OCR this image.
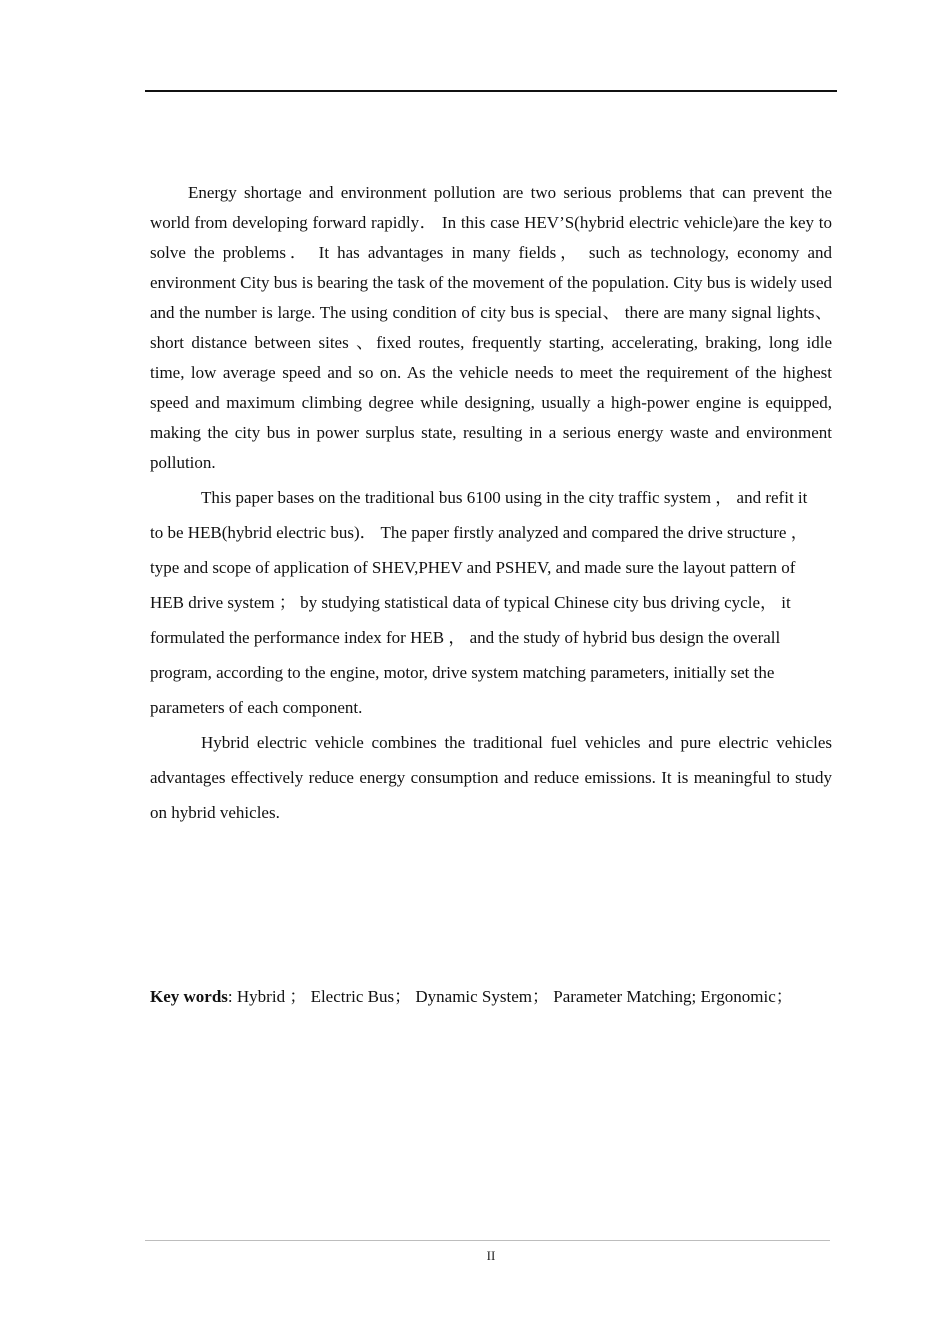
Energy shortage and environment pollution are two serious problems that can prevent the world from developing forward rapidly． In this case HEV’S(hybrid electric vehicle)are the key to solve the problems． It has advantages in many fields， such as technology, economy and environment City bus is bearing the task of the movement of the population. City bus is widely used and the number is large. The using condition of city bus is special、 there are many signal lights、 short distance between sites 、fixed routes, frequently starting, accelerating, braking, long idle time, low average speed and so on. As the vehicle needs to meet the requirement of the highest speed and maximum climbing degree while designing, usually a high-power engine is equipped, making the city bus in power surplus state, resulting in a serious energy waste and environment pollution.

This paper bases on the traditional bus 6100 using in the city traffic system ， and refit it to be HEB(hybrid electric bus)． The paper firstly analyzed and compared the drive structure ， type and scope of application of SHEV,PHEV and PSHEV, and made sure the layout pattern of HEB drive system ； by studying statistical data of typical Chinese city bus driving cycle， it formulated the performance index for HEB ， and the study of hybrid bus design the overall program, according to the engine, motor, drive system matching parameters, initially set the parameters of each component.

Hybrid electric vehicle combines the traditional fuel vehicles and pure electric vehicles advantages effectively reduce energy consumption and reduce emissions. It is meaningful to study on hybrid vehicles.

Key words: Hybrid ； Electric Bus； Dynamic System； Parameter Matching; Ergonomic；

II
